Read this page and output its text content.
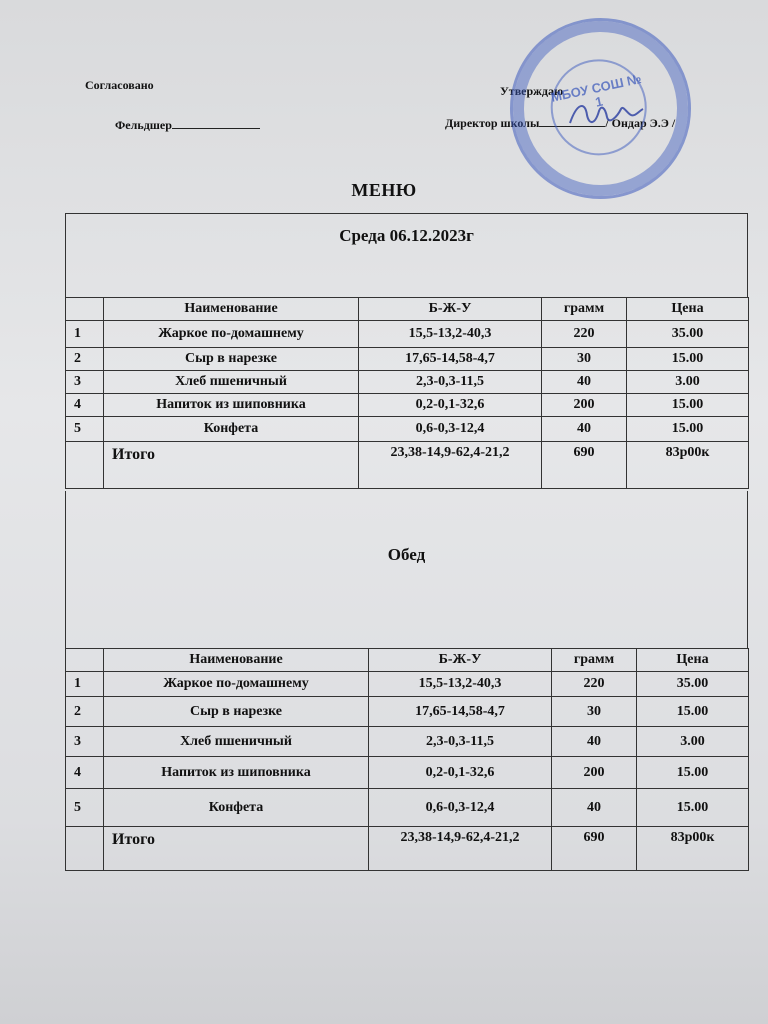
Согласовано
Фельдшер
Утверждаю
Директор школы	/ Ондар Э.Э /
МБОУ СОШ № 1
МЕНЮ
Среда 06.12.2023г
	Наименование	Б-Ж-У	грамм	Цена
1	Жаркое по-домашнему	15,5-13,2-40,3	220	35.00
2	Сыр в нарезке	17,65-14,58-4,7	30	15.00
3	Хлеб пшеничный	2,3-0,3-11,5	40	3.00
4	Напиток из шиповника	0,2-0,1-32,6	200	15.00
5	Конфета	0,6-0,3-12,4	40	15.00
	Итого	23,38-14,9-62,4-21,2	690	83р00к
Обед
	Наименование	Б-Ж-У	грамм	Цена
1	Жаркое по-домашнему	15,5-13,2-40,3	220	35.00
2	Сыр в нарезке	17,65-14,58-4,7	30	15.00
3	Хлеб пшеничный	2,3-0,3-11,5	40	3.00
4	Напиток из шиповника	0,2-0,1-32,6	200	15.00
5	Конфета	0,6-0,3-12,4	40	15.00
	Итого	23,38-14,9-62,4-21,2	690	83р00к
